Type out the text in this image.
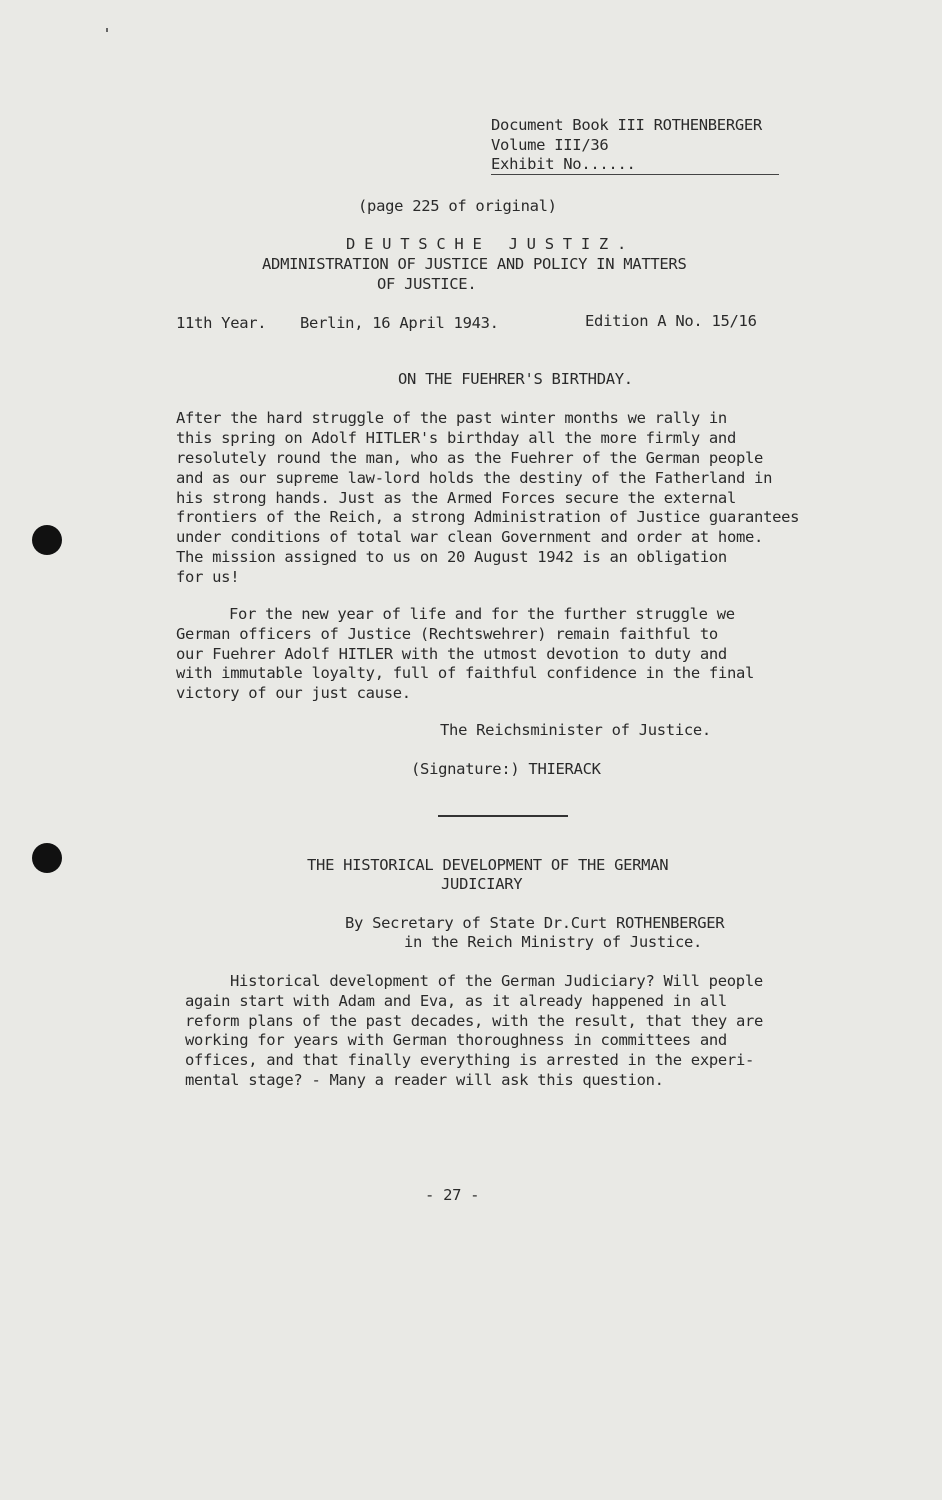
Document Book III ROTHENBERGER
Volume III/36
Exhibit No......
(page 225 of original)
D E U T S C H E   J U S T I Z .
ADMINISTRATION OF JUSTICE AND POLICY IN MATTERS
OF JUSTICE.
11th Year. Berlin, 16 April 1943.	Edition A No. 15/16
ON THE FUEHRER'S BIRTHDAY.
After the hard struggle of the past winter months we rally in
this spring on Adolf HITLER's birthday all the more firmly and
resolutely round the man, who as the Fuehrer of the German people
and as our supreme law-lord holds the destiny of the Fatherland in
his strong hands. Just as the Armed Forces secure the external
frontiers of the Reich, a strong Administration of Justice guarantees
under conditions of total war clean Government and order at home.
The mission assigned to us on 20 August 1942 is an obligation
for us!
For the new year of life and for the further struggle we
German officers of Justice (Rechtswehrer) remain faithful to
our Fuehrer Adolf HITLER with the utmost devotion to duty and
with immutable loyalty, full of faithful confidence in the final
victory of our just cause.
The Reichsminister of Justice.
(Signature:) THIERACK
THE HISTORICAL DEVELOPMENT OF THE GERMAN
JUDICIARY
By Secretary of State Dr.Curt ROTHENBERGER
in the Reich Ministry of Justice.
Historical development of the German Judiciary? Will people
again start with Adam and Eva, as it already happened in all
reform plans of the past decades, with the result, that they are
working for years with German thoroughness in committees and
offices, and that finally everything is arrested in the experi-
mental stage? - Many a reader will ask this question.
- 27 -
